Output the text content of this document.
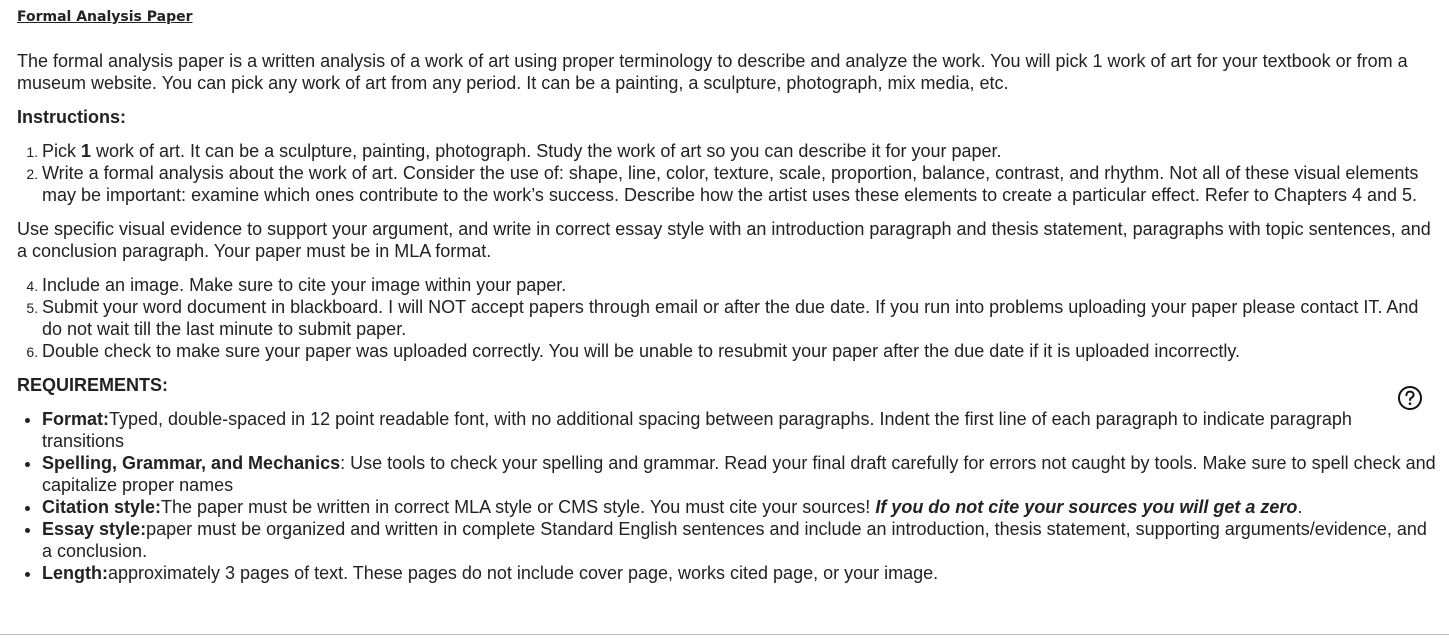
Formal Analysis Paper

The formal analysis paper is a written analysis of a work of art using proper terminology to describe and analyze the work. You will pick 1 work of art for your textbook or from a museum website. You can pick any work of art from any period. It can be a painting, a sculpture, photograph, mix media, etc.

Instructions:
1. Pick 1 work of art. It can be a sculpture, painting, photograph. Study the work of art so you can describe it for your paper.
2. Write a formal analysis about the work of art. Consider the use of: shape, line, color, texture, scale, proportion, balance, contrast, and rhythm. Not all of these visual elements may be important: examine which ones contribute to the work’s success. Describe how the artist uses these elements to create a particular effect. Refer to Chapters 4 and 5.

Use specific visual evidence to support your argument, and write in correct essay style with an introduction paragraph and thesis statement, paragraphs with topic sentences, and a conclusion paragraph. Your paper must be in MLA format.

4. Include an image. Make sure to cite your image within your paper.
5. Submit your word document in blackboard. I will NOT accept papers through email or after the due date. If you run into problems uploading your paper please contact IT. And do not wait till the last minute to submit paper.
6. Double check to make sure your paper was uploaded correctly. You will be unable to resubmit your paper after the due date if it is uploaded incorrectly.
REQUIREMENTS:
• Format:Typed, double-spaced in 12 point readable font, with no additional spacing between paragraphs. Indent the first line of each paragraph to indicate paragraph transitions
• Spelling, Grammar, and Mechanics: Use tools to check your spelling and grammar. Read your final draft carefully for errors not caught by tools. Make sure to spell check and capitalize proper names
• Citation style:The paper must be written in correct MLA style or CMS style. You must cite your sources! If you do not cite your sources you will get a zero.
• Essay style:paper must be organized and written in complete Standard English sentences and include an introduction, thesis statement, supporting arguments/evidence, and a conclusion.
• Length:approximately 3 pages of text. These pages do not include cover page, works cited page, or your image.
